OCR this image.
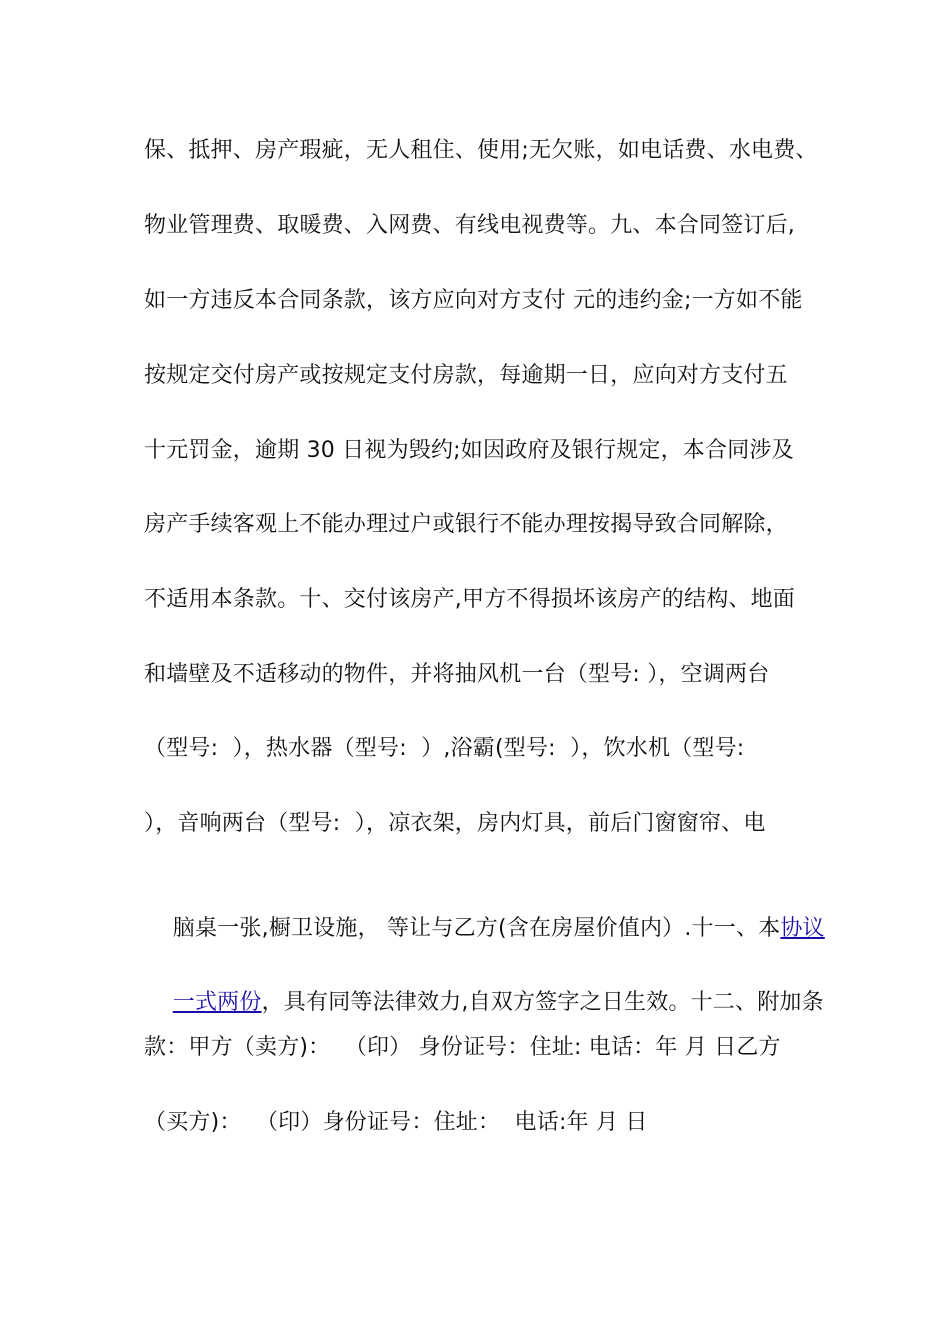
保、抵押、房产瑕疵，无人租住、使用;无欠账，如电话费、水电费、
物业管理费、取暖费、入网费、有线电视费等。九、本合同签订后,
如一方违反本合同条款，该方应向对方支付 元的违约金;一方如不能
按规定交付房产或按规定支付房款，每逾期一日，应向对方支付五
十元罚金，逾期 30 日视为毁约;如因政府及银行规定，本合同涉及
房产手续客观上不能办理过户或银行不能办理按揭导致合同解除，
不适用本条款。十、交付该房产,甲方不得损坏该房产的结构、地面
和墙壁及不适移动的物件，并将抽风机一台（型号: ），空调两台
（型号:  ），热水器（型号:  ）,浴霸(型号:  ），饮水机（型号:
），音响两台（型号:  ），凉衣架，房内灯具，前后门窗窗帘、电

脑桌一张,橱卫设施， 等让与乙方(含在房屋价值内）.十一、本协议

一式两份，具有同等法律效力,自双方签字之日生效。十二、附加条

款：甲方（卖方)：  （印） 身份证号：住址: 电话：年 月 日乙方
（买方)：  （印）身份证号：住址：  电话:年 月 日
